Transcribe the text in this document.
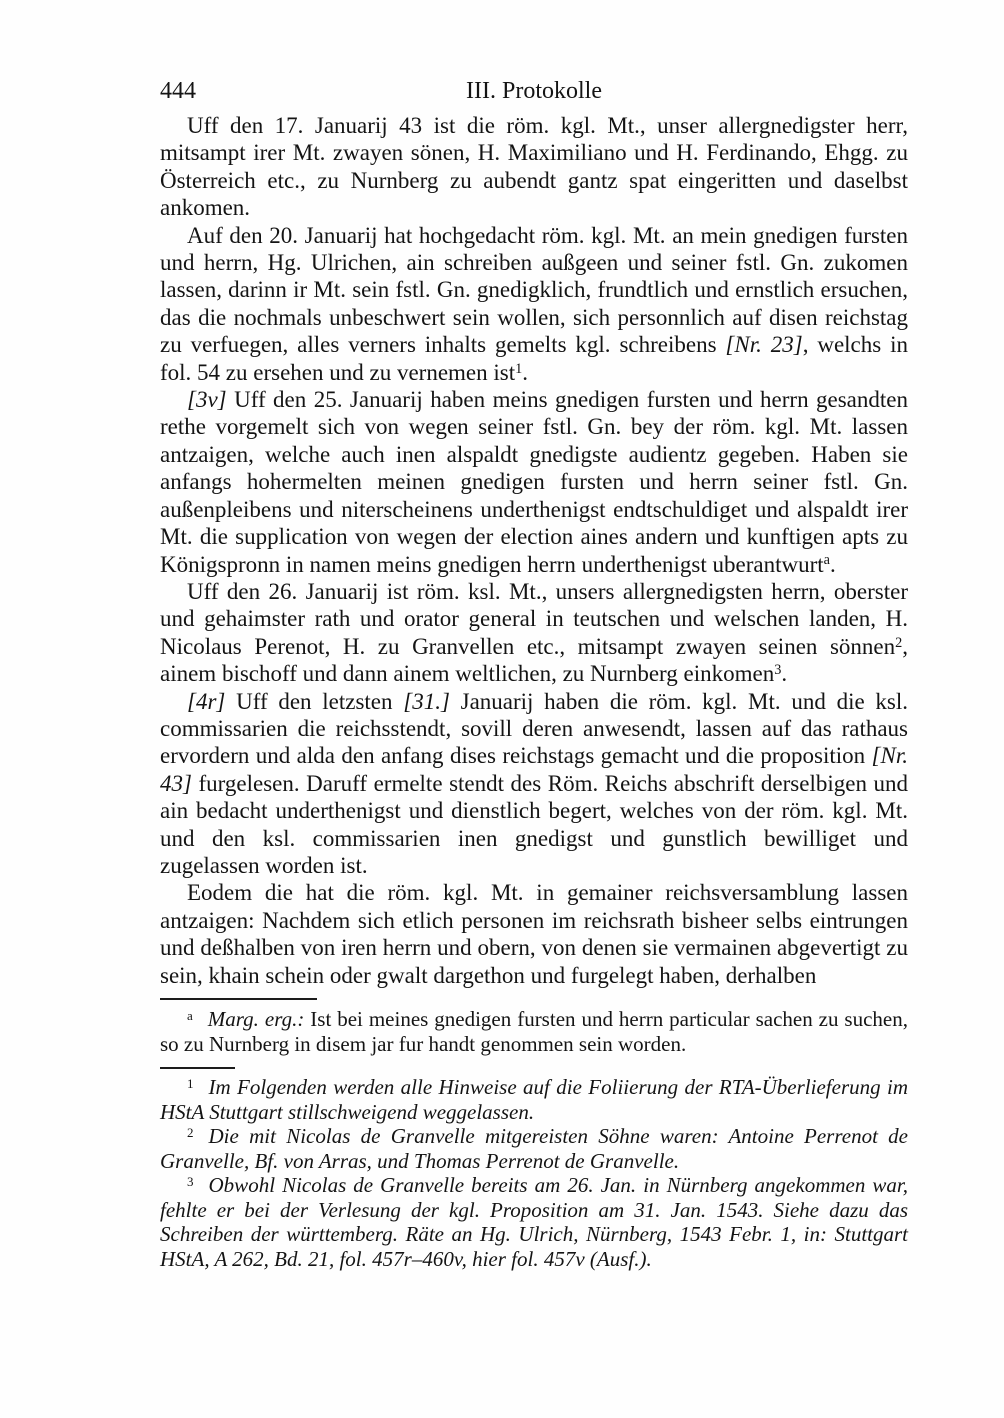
444	III. Protokolle

Uff den 17. Januarij 43 ist die röm. kgl. Mt., unser allergnedigster herr, mitsampt irer Mt. zwayen sönen, H. Maximiliano und H. Ferdinando, Ehgg. zu Österreich etc., zu Nurnberg zu aubendt gantz spat eingeritten und daselbst ankomen.

Auf den 20. Januarij hat hochgedacht röm. kgl. Mt. an mein gnedigen fursten und herrn, Hg. Ulrichen, ain schreiben außgeen und seiner fstl. Gn. zukomen lassen, darinn ir Mt. sein fstl. Gn. gnedigklich, frundtlich und ernstlich ersuchen, das die nochmals unbeschwert sein wollen, sich personnlich auf disen reichstag zu verfuegen, alles verners inhalts gemelts kgl. schreibens [Nr. 23], welchs in fol. 54 zu ersehen und zu vernemen ist$^1$.

[3v] Uff den 25. Januarij haben meins gnedigen fursten und herrn gesandten rethe vorgemelt sich von wegen seiner fstl. Gn. bey der röm. kgl. Mt. lassen antzaigen, welche auch inen alspaldt gnedigste audientz gegeben. Haben sie anfangs hohermelten meinen gnedigen fursten und herrn seiner fstl. Gn. außenpleibens und niterscheinens underthenigst endtschuldiget und alspaldt irer Mt. die supplication von wegen der election aines andern und kunftigen apts zu Königspronn in namen meins gnedigen herrn underthenigst uberantwurt$^a$.

Uff den 26. Januarij ist röm. ksl. Mt., unsers allergnedigsten herrn, oberster und gehaimster rath und orator general in teutschen und welschen landen, H. Nicolaus Perenot, H. zu Granvellen etc., mitsampt zwayen seinen sönnen$^2$, ainem bischoff und dann ainem weltlichen, zu Nurnberg einkomen$^3$.

[4r] Uff den letzsten [31.] Januarij haben die röm. kgl. Mt. und die ksl. commissarien die reichsstendt, sovill deren anwesendt, lassen auf das rathaus ervordern und alda den anfang dises reichstags gemacht und die proposition [Nr. 43] furgelesen. Daruff ermelte stendt des Röm. Reichs abschrift derselbigen und ain bedacht underthenigst und dienstlich begert, welches von der röm. kgl. Mt. und den ksl. commissarien inen gnedigst und gunstlich bewilliget und zugelassen worden ist.

Eodem die hat die röm. kgl. Mt. in gemainer reichsversamblung lassen antzaigen: Nachdem sich etlich personen im reichsrath bisheer selbs eintrungen und deßhalben von iren herrn und obern, von denen sie vermainen abgevertigt zu sein, khain schein oder gwalt dargethon und furgelegt haben, derhalben

$^a$ Marg. erg.: Ist bei meines gnedigen fursten und herrn particular sachen zu suchen, so zu Nurnberg in disem jar fur handt genommen sein worden.

$^1$ Im Folgenden werden alle Hinweise auf die Foliierung der RTA-Überlieferung im HStA Stuttgart stillschweigend weggelassen.

$^2$ Die mit Nicolas de Granvelle mitgereisten Söhne waren: Antoine Perrenot de Granvelle, Bf. von Arras, und Thomas Perrenot de Granvelle.

$^3$ Obwohl Nicolas de Granvelle bereits am 26. Jan. in Nürnberg angekommen war, fehlte er bei der Verlesung der kgl. Proposition am 31. Jan. 1543. Siehe dazu das Schreiben der württemberg. Räte an Hg. Ulrich, Nürnberg, 1543 Febr. 1, in: Stuttgart HStA, A 262, Bd. 21, fol. 457r–460v, hier fol. 457v (Ausf.).
